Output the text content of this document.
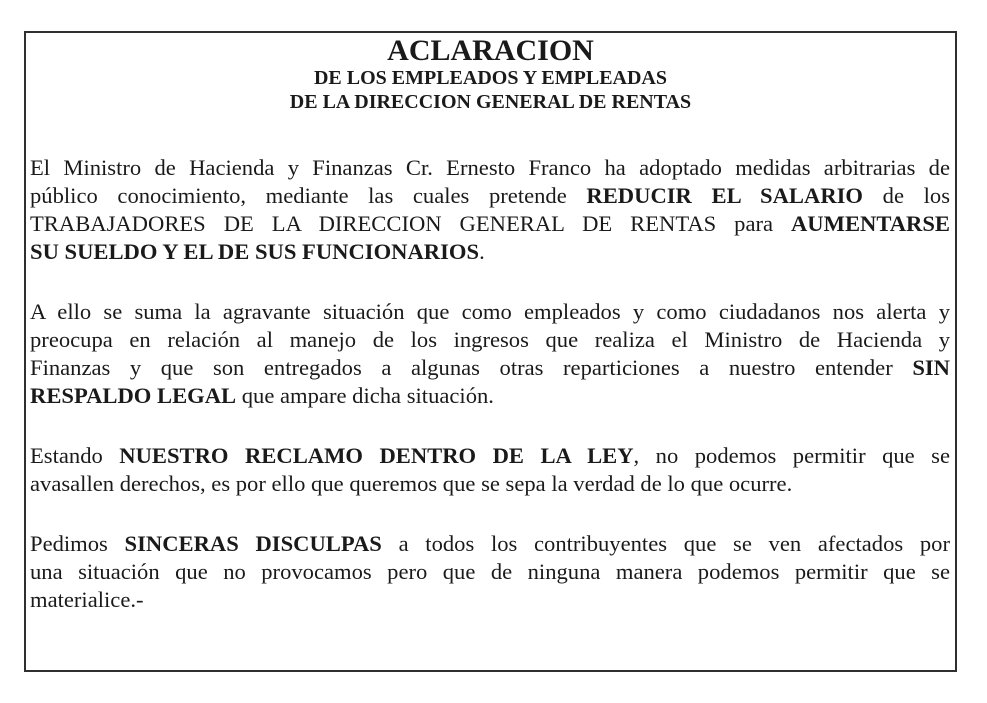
ACLARACION
DE LOS EMPLEADOS Y EMPLEADAS
DE LA DIRECCION GENERAL DE RENTAS
El Ministro de Hacienda y Finanzas Cr. Ernesto Franco ha adoptado medidas arbitrarias de
público conocimiento, mediante las cuales pretende REDUCIR EL SALARIO de los
TRABAJADORES DE LA DIRECCION GENERAL DE RENTAS para AUMENTARSE
SU SUELDO Y EL DE SUS FUNCIONARIOS.
A ello se suma la agravante situación que como empleados y como ciudadanos nos alerta y
preocupa en relación al manejo de los ingresos que realiza el Ministro de Hacienda y
Finanzas y que son entregados a algunas otras reparticiones a nuestro entender SIN
RESPALDO LEGAL que ampare dicha situación.
Estando NUESTRO RECLAMO DENTRO DE LA LEY, no podemos permitir que se
avasallen derechos, es por ello que queremos que se sepa la verdad de lo que ocurre.
Pedimos SINCERAS DISCULPAS a todos los contribuyentes que se ven afectados por
una situación que no provocamos pero que de ninguna manera podemos permitir que se
materialice.-
